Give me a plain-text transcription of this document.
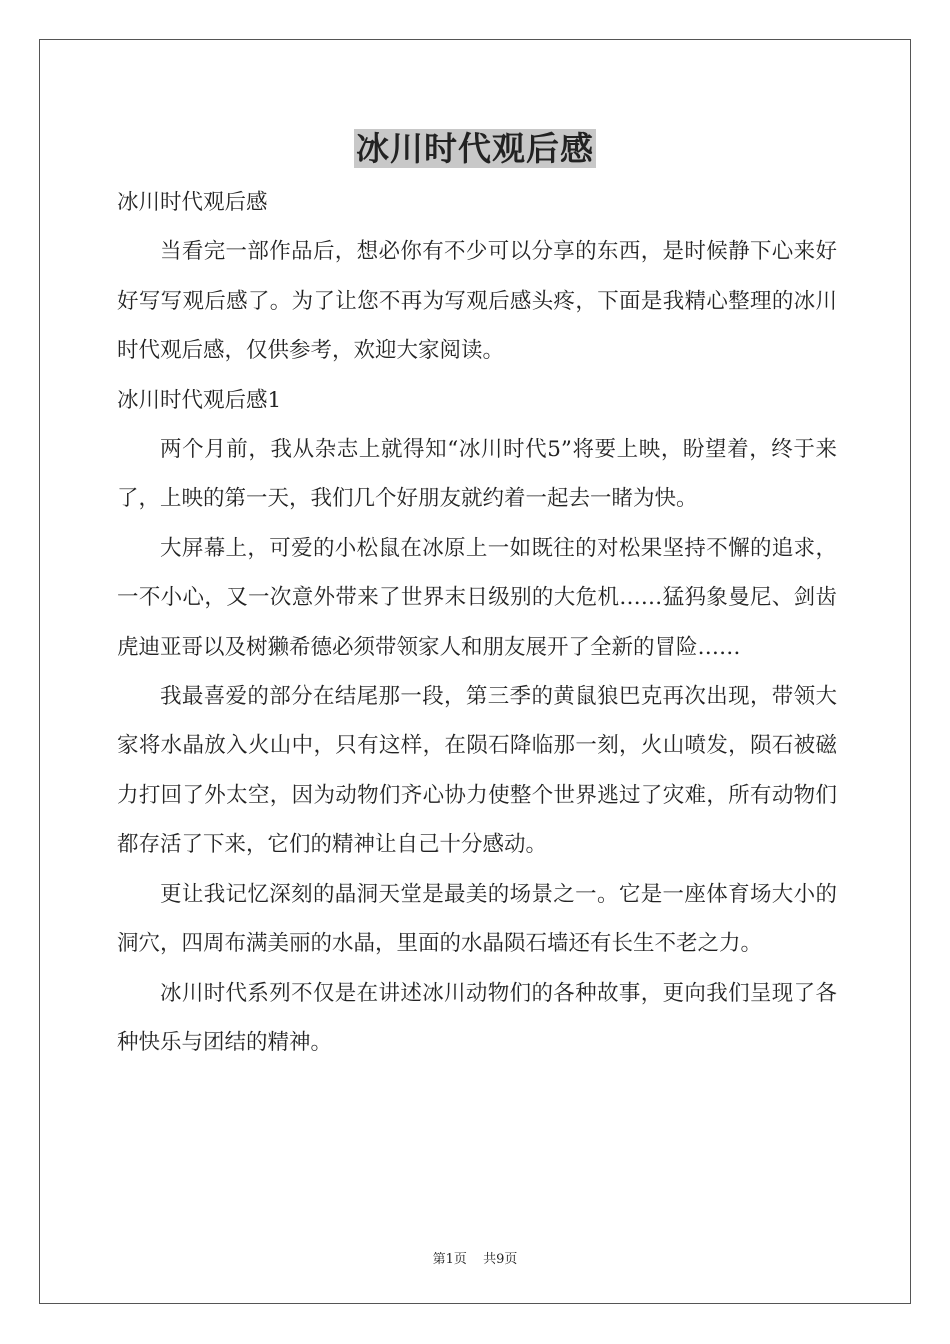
冰川时代观后感

冰川时代观后感

当看完一部作品后，想必你有不少可以分享的东西，是时候静下心来好好写写观后感了。为了让您不再为写观后感头疼，下面是我精心整理的冰川时代观后感，仅供参考，欢迎大家阅读。

冰川时代观后感1

两个月前，我从杂志上就得知“冰川时代5”将要上映，盼望着，终于来了，上映的第一天，我们几个好朋友就约着一起去一睹为快。

大屏幕上，可爱的小松鼠在冰原上一如既往的对松果坚持不懈的追求，一不小心，又一次意外带来了世界末日级别的大危机……猛犸象曼尼、剑齿虎迪亚哥以及树獭希德必须带领家人和朋友展开了全新的冒险……

我最喜爱的部分在结尾那一段，第三季的黄鼠狼巴克再次出现，带领大家将水晶放入火山中，只有这样，在陨石降临那一刻，火山喷发，陨石被磁力打回了外太空，因为动物们齐心协力使整个世界逃过了灾难，所有动物们都存活了下来，它们的精神让自己十分感动。

更让我记忆深刻的晶洞天堂是最美的场景之一。它是一座体育场大小的洞穴，四周布满美丽的水晶，里面的水晶陨石墙还有长生不老之力。

冰川时代系列不仅是在讲述冰川动物们的各种故事，更向我们呈现了各种快乐与团结的精神。

第1页 共9页
